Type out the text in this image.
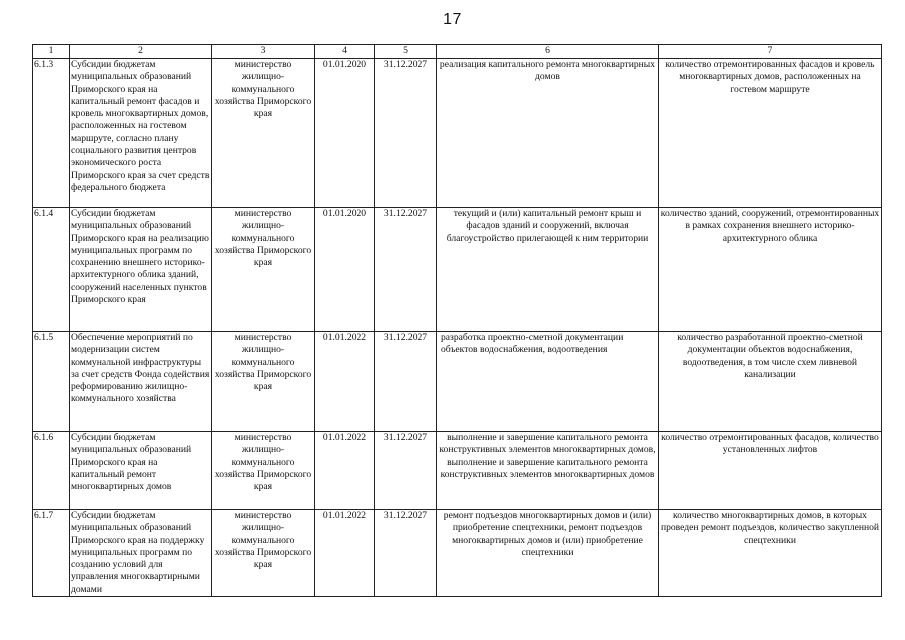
17
1	2	3	4	5	6	7
6.1.3	Субсидии бюджетам муниципальных образований Приморского края на капитальный ремонт фасадов и кровель многоквартирных домов, расположенных на гостевом маршруте, согласно плану социального развития центров экономического роста Приморского края за счет средств федерального бюджета	министерство жилищно-коммунального хозяйства Приморского края	01.01.2020	31.12.2027	реализация капитального ремонта многоквартирных домов	количество отремонтированных фасадов и кровель многоквартирных домов, расположенных на гостевом маршруте
6.1.4	Субсидии бюджетам муниципальных образований Приморского края на реализацию муниципальных программ по сохранению внешнего историко-архитектурного облика зданий, сооружений населенных пунктов Приморского края	министерство жилищно-коммунального хозяйства Приморского края	01.01.2020	31.12.2027	текущий и (или) капитальный ремонт крыш и фасадов зданий и сооружений, включая благоустройство прилегающей к ним территории	количество зданий, сооружений, отремонтированных в рамках сохранения внешнего историко-архитектурного облика
6.1.5	Обеспечение мероприятий по модернизации систем коммунальной инфраструктуры за счет средств Фонда содействия реформированию жилищно-коммунального хозяйства	министерство жилищно-коммунального хозяйства Приморского края	01.01.2022	31.12.2027	разработка проектно-сметной документации объектов водоснабжения, водоотведения	количество разработанной проектно-сметной документации объектов водоснабжения, водоотведения, в том числе схем ливневой канализации
6.1.6	Субсидии бюджетам муниципальных образований Приморского края на капитальный ремонт многоквартирных домов	министерство жилищно-коммунального хозяйства Приморского края	01.01.2022	31.12.2027	выполнение и завершение капитального ремонта конструктивных элементов многоквартирных домов, выполнение и завершение капитального ремонта конструктивных элементов многоквартирных домов	количество отремонтированных фасадов, количество установленных лифтов
6.1.7	Субсидии бюджетам муниципальных образований Приморского края на поддержку муниципальных программ по созданию условий для управления многоквартирными домами	министерство жилищно-коммунального хозяйства Приморского края	01.01.2022	31.12.2027	ремонт подъездов многоквартирных домов и (или) приобретение спецтехники, ремонт подъездов многоквартирных домов и (или) приобретение спецтехники	количество многоквартирных домов, в которых проведен ремонт подъездов, количество закупленной спецтехники
